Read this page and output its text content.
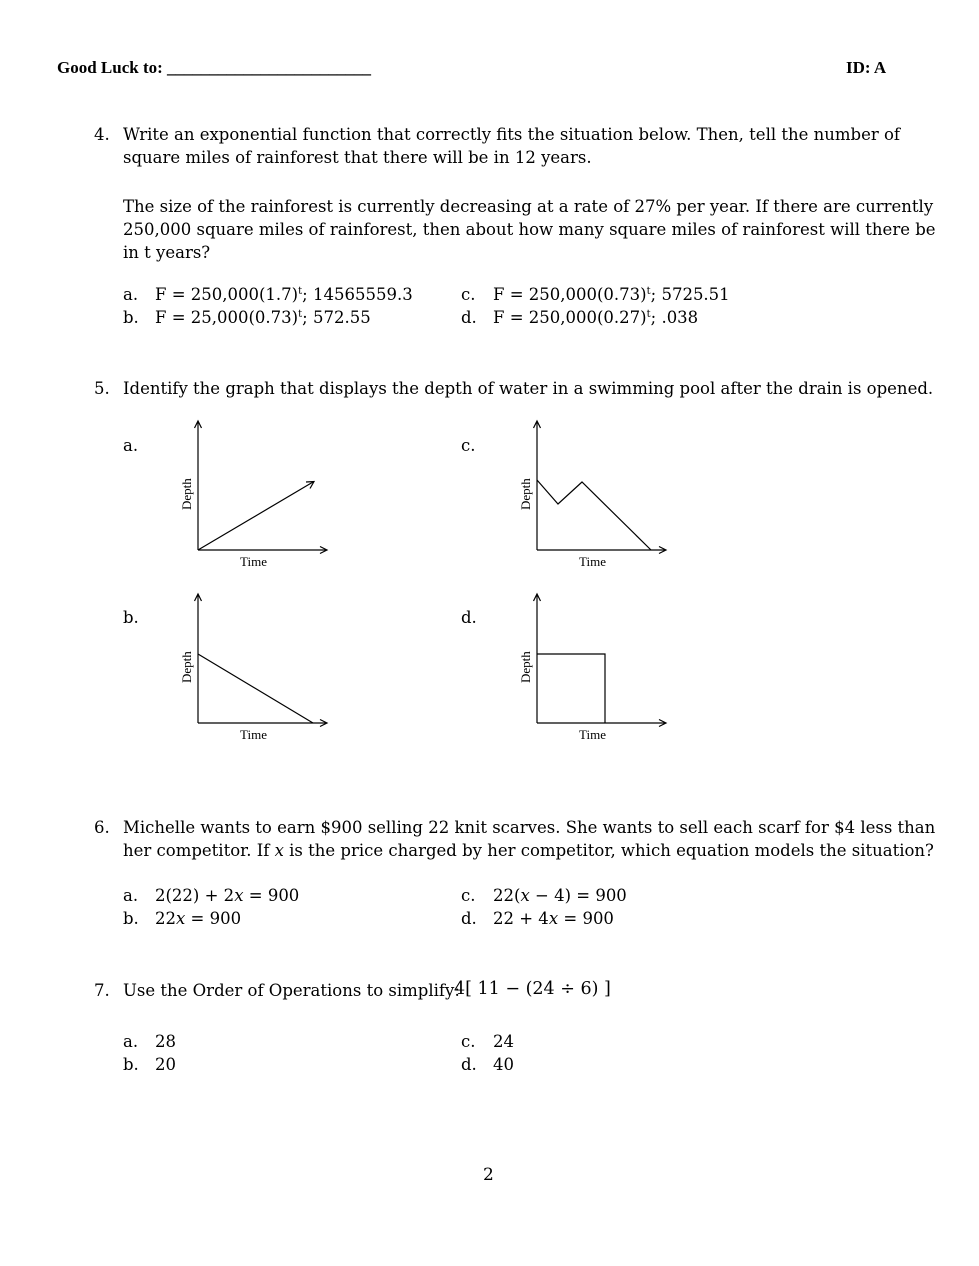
Good Luck to: ________________________	ID: A
4. Write an exponential function that correctly fits the situation below. Then, tell the number of
square miles of rainforest that there will be in 12 years.
The size of the rainforest is currently decreasing at a rate of 27% per year. If there are currently
250,000 square miles of rainforest, then about how many square miles of rainforest will there be
in t years?
a. $F = 250,000(1.7)^t$; 14565559.3
b. $F = 25,000(0.73)^t$; 572.55
c. $F = 250,000(0.73)^t$; 5725.51
d. $F = 250,000(0.27)^t$; .038
5. Identify the graph that displays the depth of water in a swimming pool after the drain is opened.
a.	c.
b.	d.
Depth
Time
Depth
Time
Depth
Time
Depth
Time
6. Michelle wants to earn $900 selling 22 knit scarves. She wants to sell each scarf for $4 less than
her competitor. If x is the price charged by her competitor, which equation models the situation?
a. 2(22) + 2x = 900
b. 22x = 900
c. 22(x − 4) = 900
d. 22 + 4x = 900
7. Use the Order of Operations to simplify:
4[ 11 − (24 ÷ 6) ]
a. 28
b. 20
c. 24
d. 40
2
